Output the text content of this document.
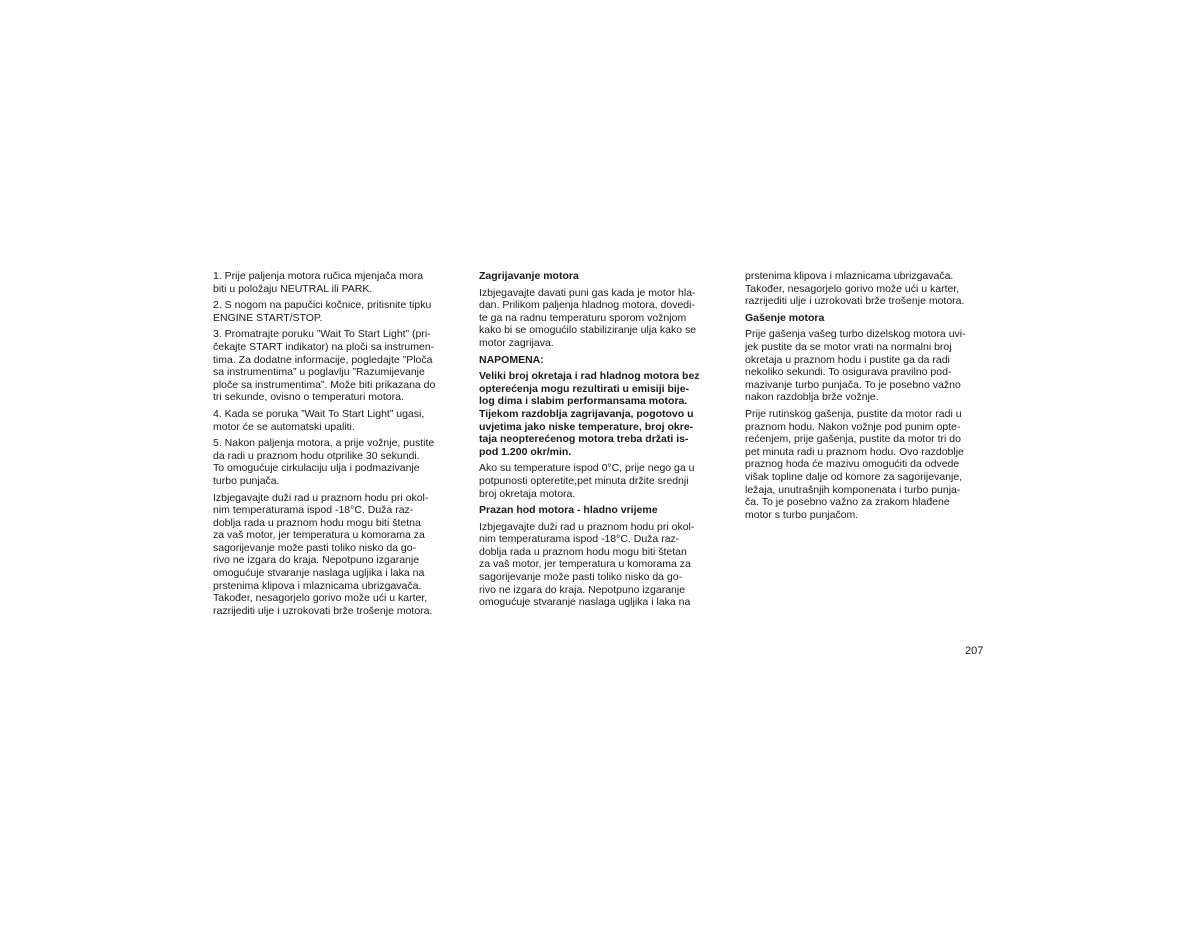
1. Prije paljenja motora ručica mjenjača mora
biti u položaju NEUTRAL ili PARK.

2. S nogom na papučici kočnice, pritisnite tipku
ENGINE START/STOP.

3. Promatrajte poruku ”Wait To Start Light” (pri-
čekajte START indikator) na ploči sa instrumen-
tima. Za dodatne informacije, pogledajte ”Ploča
sa instrumentima” u poglavlju ”Razumijevanje
ploče sa instrumentima”. Može biti prikazana do
tri sekunde, ovisno o temperaturi motora.

4. Kada se poruka ”Wait To Start Light” ugasi,
motor će se automatski upaliti.

5. Nakon paljenja motora, a prije vožnje, pustite
da radi u praznom hodu otprilike 30 sekundi.
To omogućuje cirkulaciju ulja i podmazivanje
turbo punjača.

Izbjegavajte duži rad u praznom hodu pri okol-
nim temperaturama ispod -18°C. Duža raz-
doblja rada u praznom hodu mogu biti štetna
za vaš motor, jer temperatura u komorama za
sagorijevanje može pasti toliko nisko da go-
rivo ne izgara do kraja. Nepotpuno izgaranje
omogućuje stvaranje naslaga ugljika i laka na
prstenima klipova i mlaznicama ubrizgavača.
Također, nesagorjelo gorivo može ući u karter,
razrijediti ulje i uzrokovati brže trošenje motora.

Zagrijavanje motora

Izbjegavajte davati puni gas kada je motor hla-
dan. Prilikom paljenja hladnog motora, dovedi-
te ga na radnu temperaturu sporom vožnjom
kako bi se omogućilo stabiliziranje ulja kako se
motor zagrijava.

NAPOMENA:

Veliki broj okretaja i rad hladnog motora bez
opterećenja mogu rezultirati u emisiji bije-
log dima i slabim performansama motora.
Tijekom razdoblja zagrijavanja, pogotovo u
uvjetima jako niske temperature, broj okre-
taja neopterećenog motora treba držati is-
pod 1.200 okr/min.

Ako su temperature ispod 0°C, prije nego ga u
potpunosti opteretite,pet minuta držite srednji
broj okretaja motora.

Prazan hod motora - hladno vrijeme

Izbjegavajte duži rad u praznom hodu pri okol-
nim temperaturama ispod -18°C. Duža raz-
doblja rada u praznom hodu mogu biti štetan
za vaš motor, jer temperatura u komorama za
sagorijevanje može pasti toliko nisko da go-
rivo ne izgara do kraja. Nepotpuno izgaranje
omogućuje stvaranje naslaga ugljika i laka na

prstenima klipova i mlaznicama ubrizgavača.
Također, nesagorjelo gorivo može ući u karter,
razrijediti ulje i uzrokovati brže trošenje motora.

Gašenje motora

Prije gašenja vašeg turbo dizelskog motora uvi-
jek pustite da se motor vrati na normalni broj
okretaja u praznom hodu i pustite ga da radi
nekoliko sekundi. To osigurava pravilno pod-
mazivanje turbo punjača. To je posebno važno
nakon razdoblja brže vožnje.

Prije rutinskog gašenja, pustite da motor radi u
praznom hodu. Nakon vožnje pod punim opte-
rećenjem, prije gašenja, pustite da motor tri do
pet minuta radi u praznom hodu. Ovo razdoblje
praznog hoda će mazivu omogućiti da odvede
višak topline dalje od komore za sagorijevanje,
ležaja, unutrašnjih komponenata i turbo punja-
ča. To je posebno važno za zrakom hlađene
motor s turbo punjačom.

207
